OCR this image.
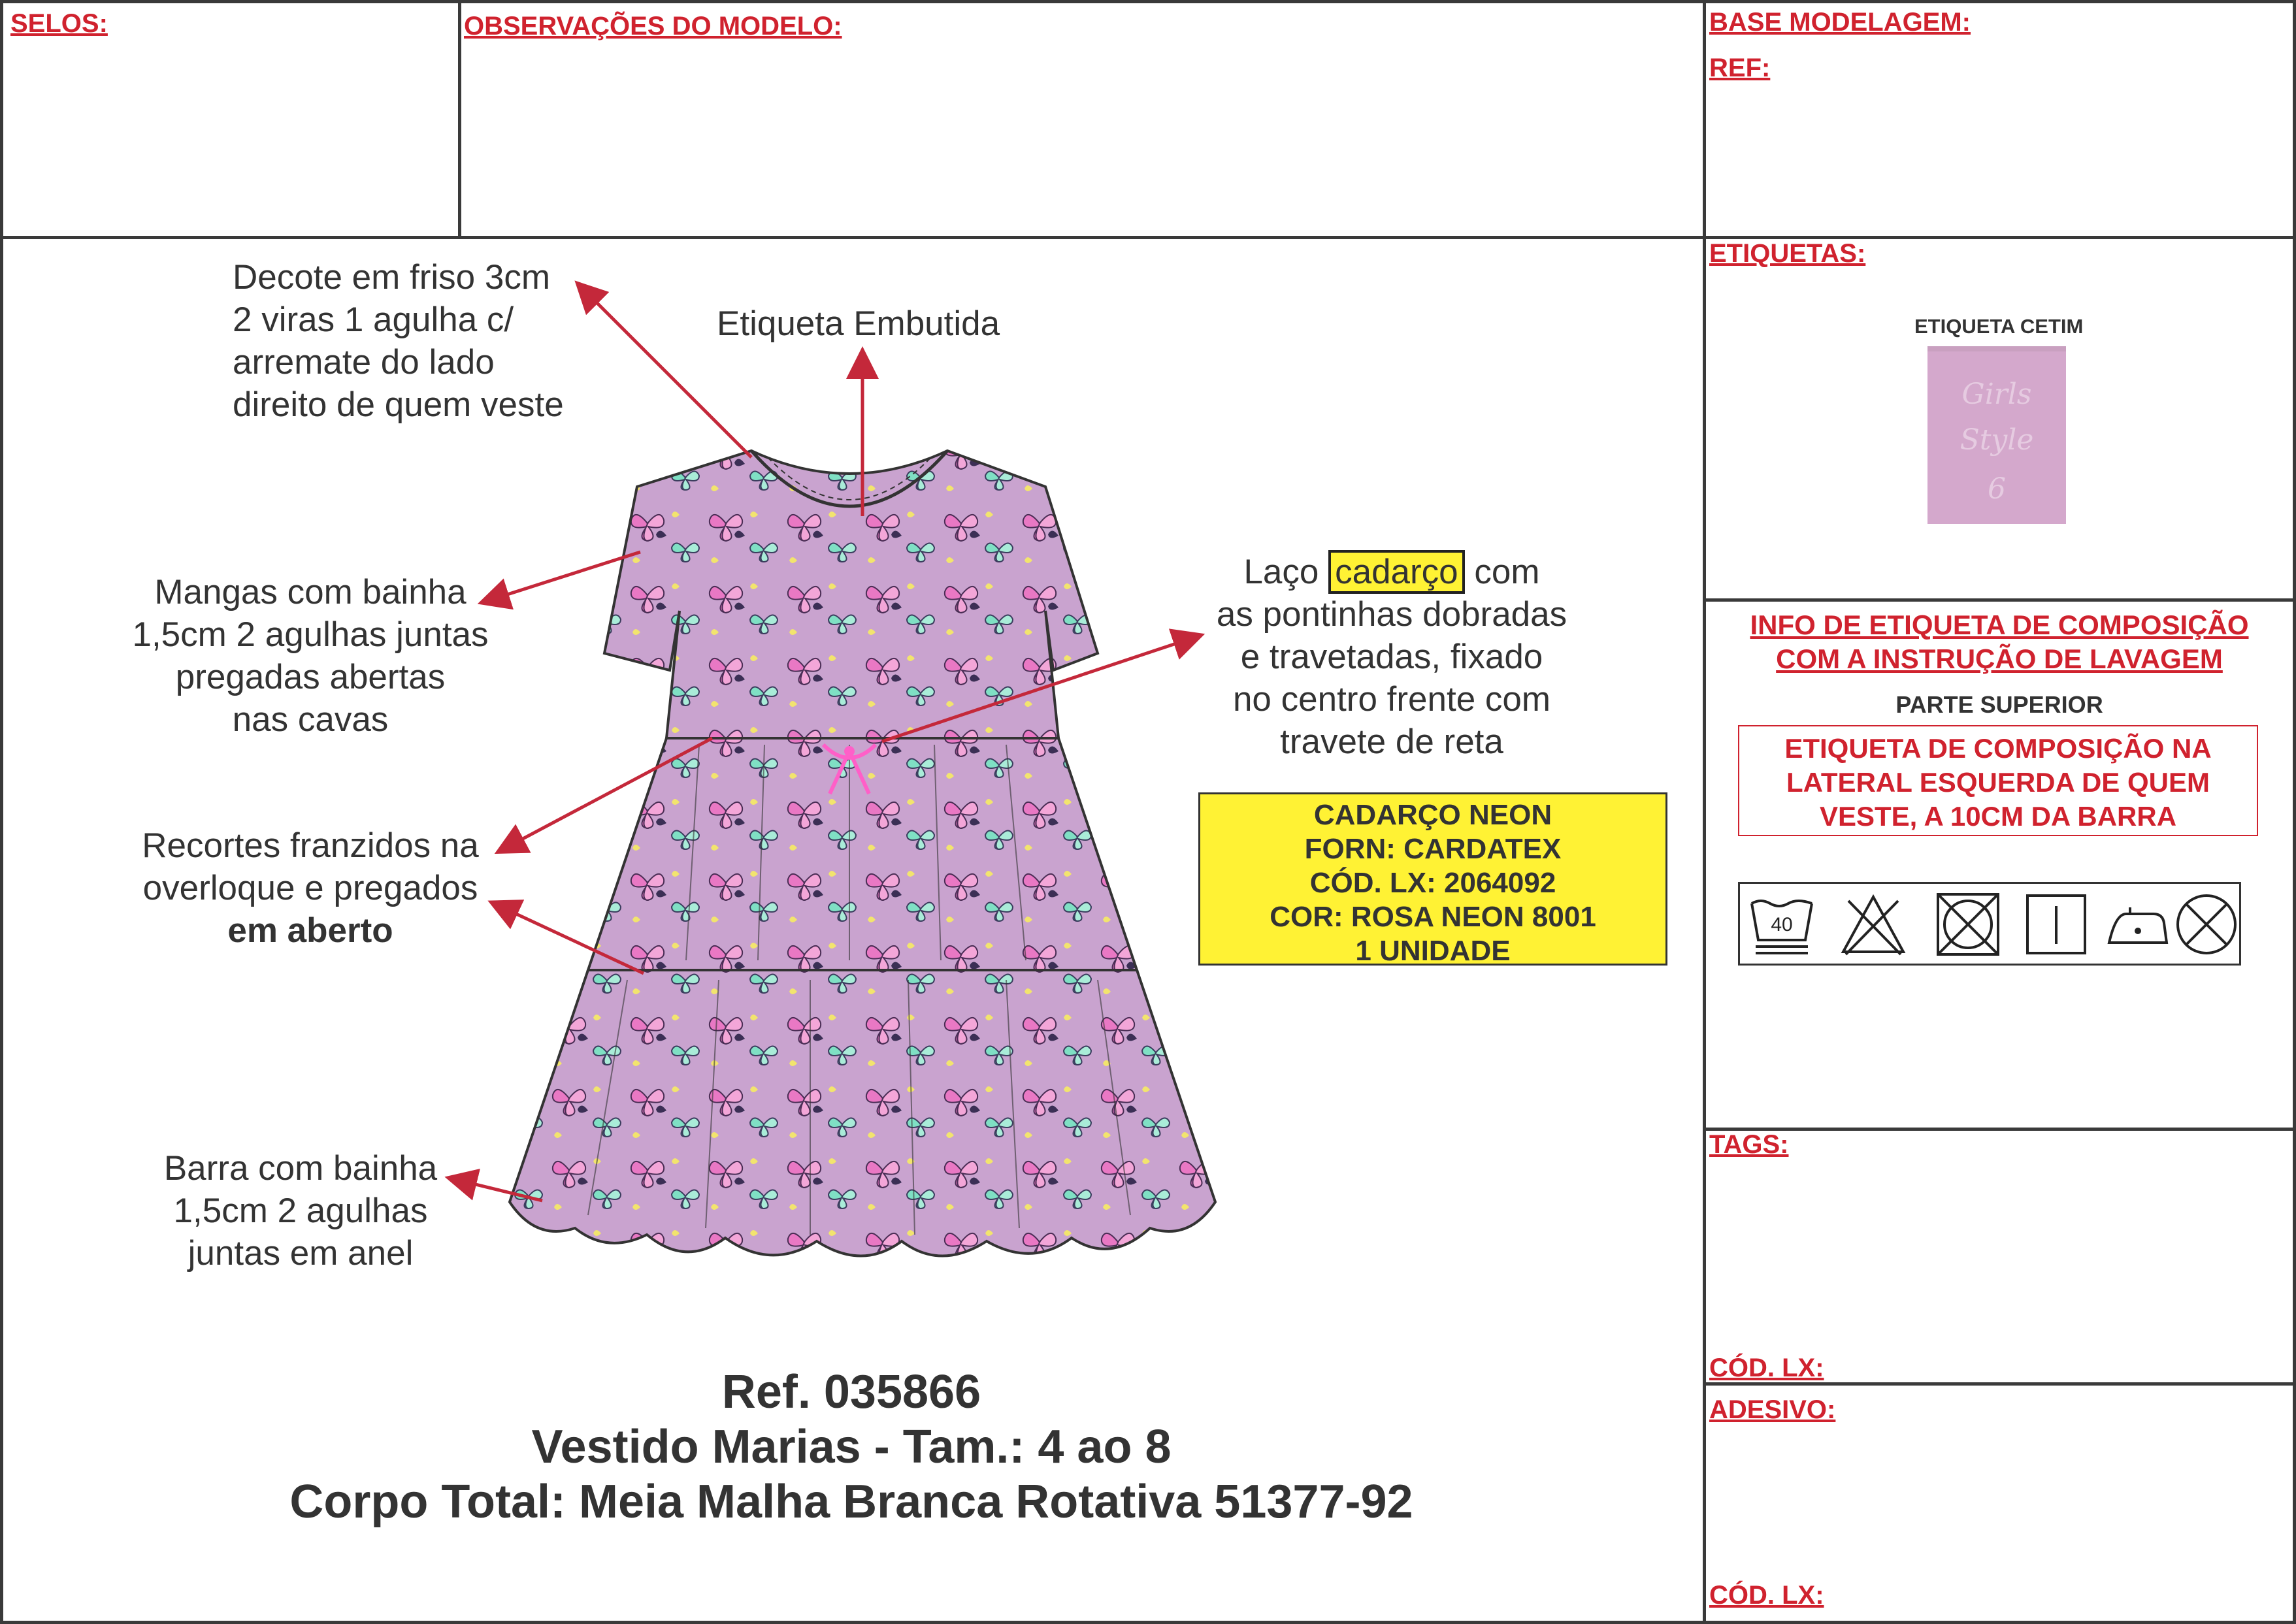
SELOS:	OBSERVAÇÕES DO MODELO:	BASE MODELAGEM:
REF:
ETIQUETAS:
ETIQUETA CETIM
Girls
Style
6
INFO DE ETIQUETA DE COMPOSIÇÃO
COM A INSTRUÇÃO DE LAVAGEM
PARTE SUPERIOR
ETIQUETA DE COMPOSIÇÃO NA
LATERAL ESQUERDA DE QUEM
VESTE, A 10CM DA BARRA
40
TAGS:
CÓD. LX:
ADESIVO:
CÓD. LX:
Decote em friso 3cm
2 viras 1 agulha c/
arremate do lado
direito de quem veste
Etiqueta Embutida
Mangas com bainha
1,5cm 2 agulhas juntas
pregadas abertas
nas cavas
Recortes franzidos na
overloque e pregados
em aberto
Barra com bainha
1,5cm 2 agulhas
juntas em anel
Laço cadarço com
as pontinhas dobradas
e travetadas, fixado
no centro frente com
travete de reta
CADARÇO NEON
FORN: CARDATEX
CÓD. LX: 2064092
COR: ROSA NEON 8001
1 UNIDADE
Ref. 035866
Vestido Marias - Tam.: 4 ao 8
Corpo Total: Meia Malha Branca Rotativa 51377-92
